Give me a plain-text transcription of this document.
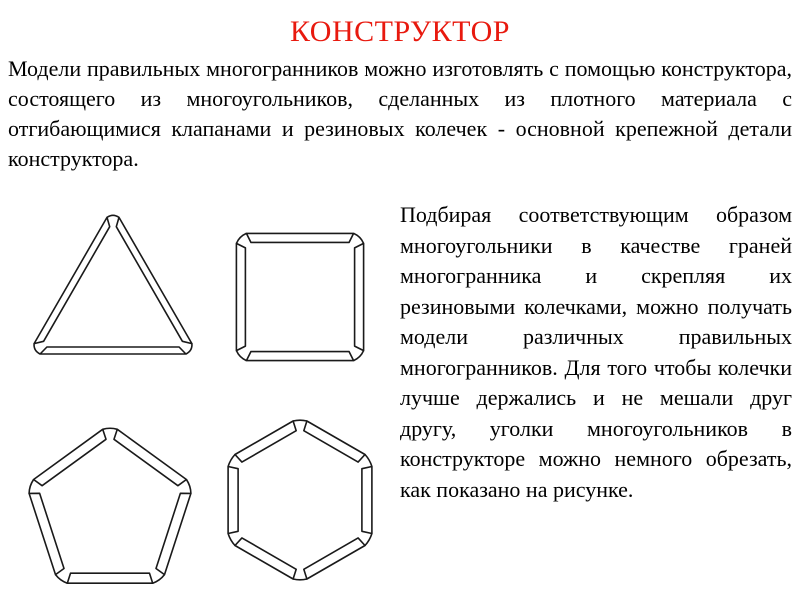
КОНСТРУКТОР

Модели правильных многогранников можно изготовлять с помощью конструктора, состоящего из многоугольников, сделанных из плотного материала с отгибающимися клапанами и резиновых колечек - основной крепежной детали конструктора.

Подбирая соответствующим образом многоугольники в качестве граней многогранника и скрепляя их резиновыми колечками, можно получать модели различных правильных многогранников. Для того чтобы колечки лучше держались и не мешали друг другу, уголки многоугольников в конструкторе можно немного обрезать, как показано на рисунке.
